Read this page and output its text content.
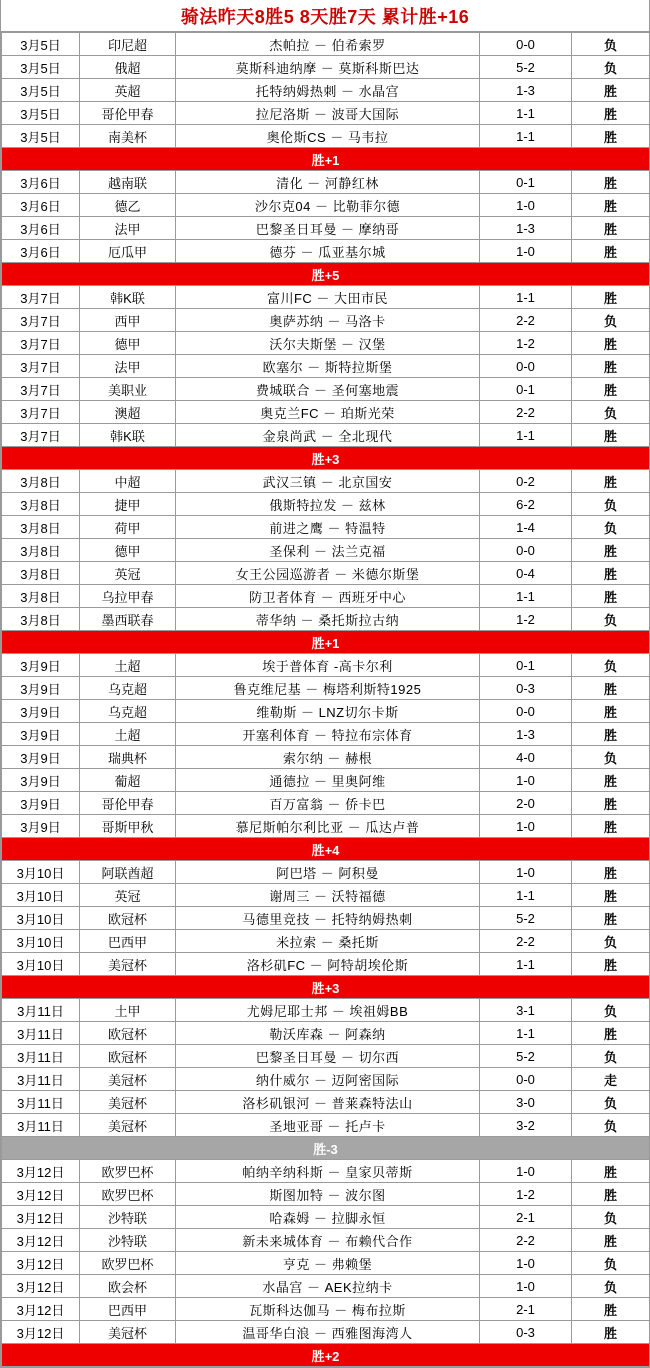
骑法昨天8胜5 8天胜7天 累计胜+16
3月5日	印尼超	杰帕拉 － 伯希索罗	0-0	负
3月5日	俄超	莫斯科迪纳摩 － 莫斯科斯巴达	5-2	负
3月5日	英超	托特纳姆热刺 － 水晶宫	1-3	胜
3月5日	哥伦甲春	拉尼洛斯 － 波哥大国际	1-1	胜
3月5日	南美杯	奥伦斯CS － 马韦拉	1-1	胜
胜+1				
3月6日	越南联	清化 － 河静红林	0-1	胜
3月6日	德乙	沙尔克04 － 比勒菲尔德	1-0	胜
3月6日	法甲	巴黎圣日耳曼 － 摩纳哥	1-3	胜
3月6日	厄瓜甲	德芬 － 瓜亚基尔城	1-0	胜
胜+5				
3月7日	韩K联	富川FC － 大田市民	1-1	胜
3月7日	西甲	奥萨苏纳 － 马洛卡	2-2	负
3月7日	德甲	沃尔夫斯堡 － 汉堡	1-2	胜
3月7日	法甲	欧塞尔 － 斯特拉斯堡	0-0	胜
3月7日	美职业	费城联合 － 圣何塞地震	0-1	胜
3月7日	澳超	奥克兰FC － 珀斯光荣	2-2	负
3月7日	韩K联	金泉尚武 － 全北现代	1-1	胜
胜+3				
3月8日	中超	武汉三镇 － 北京国安	0-2	胜
3月8日	捷甲	俄斯特拉发 － 兹林	6-2	负
3月8日	荷甲	前进之鹰 － 特温特	1-4	负
3月8日	德甲	圣保利 － 法兰克福	0-0	胜
3月8日	英冠	女王公园巡游者 － 米德尔斯堡	0-4	胜
3月8日	乌拉甲春	防卫者体育 － 西班牙中心	1-1	胜
3月8日	墨西联春	蒂华纳 － 桑托斯拉古纳	1-2	负
胜+1				
3月9日	土超	埃于普体育 -高卡尔利	0-1	负
3月9日	乌克超	鲁克维尼基 － 梅塔利斯特1925	0-3	胜
3月9日	乌克超	维勒斯 － LNZ切尔卡斯	0-0	胜
3月9日	土超	开塞利体育 － 特拉布宗体育	1-3	胜
3月9日	瑞典杯	索尔纳 － 赫根	4-0	负
3月9日	葡超	通德拉 － 里奥阿维	1-0	胜
3月9日	哥伦甲春	百万富翁 － 侨卡巴	2-0	胜
3月9日	哥斯甲秋	慕尼斯帕尔利比亚 － 瓜达卢普	1-0	胜
胜+4				
3月10日	阿联酋超	阿巴塔 － 阿积曼	1-0	胜
3月10日	英冠	谢周三 － 沃特福德	1-1	胜
3月10日	欧冠杯	马德里竞技 － 托特纳姆热刺	5-2	胜
3月10日	巴西甲	米拉索 － 桑托斯	2-2	负
3月10日	美冠杯	洛杉矶FC － 阿特胡埃伦斯	1-1	胜
胜+3				
3月11日	土甲	尤姆尼耶士邦 － 埃祖姆BB	3-1	负
3月11日	欧冠杯	勒沃库森 － 阿森纳	1-1	胜
3月11日	欧冠杯	巴黎圣日耳曼 － 切尔西	5-2	负
3月11日	美冠杯	纳什威尔 － 迈阿密国际	0-0	走
3月11日	美冠杯	洛杉矶银河 － 普莱森特法山	3-0	负
3月11日	美冠杯	圣地亚哥 － 托卢卡	3-2	负
胜-3				
3月12日	欧罗巴杯	帕纳辛纳科斯 － 皇家贝蒂斯	1-0	胜
3月12日	欧罗巴杯	斯图加特 － 波尔图	1-2	胜
3月12日	沙特联	哈森姆 － 拉脚永恒	2-1	负
3月12日	沙特联	新未来城体育 － 布赖代合作	2-2	胜
3月12日	欧罗巴杯	亨克 － 弗赖堡	1-0	负
3月12日	欧会杯	水晶宫 － AEK拉纳卡	1-0	负
3月12日	巴西甲	瓦斯科达伽马 － 梅布拉斯	2-1	胜
3月12日	美冠杯	温哥华白浪 － 西雅图海湾人	0-3	胜
胜+2				
